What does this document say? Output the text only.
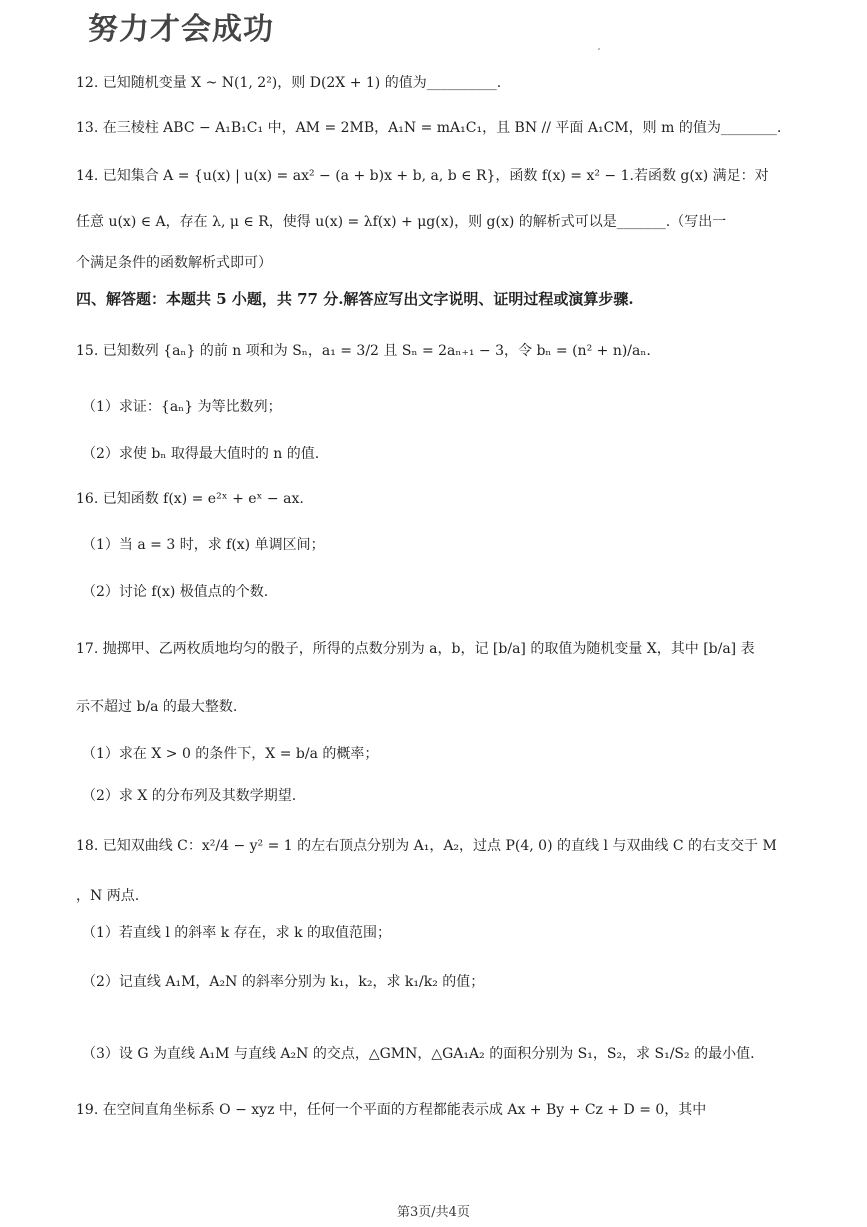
努力才会成功
12. 已知随机变量 X ~ N(1, 2²)，则 D(2X + 1) 的值为__________.
13. 在三棱柱 ABC − A₁B₁C₁ 中，AM = 2MB，A₁N = mA₁C₁，且 BN // 平面 A₁CM，则 m 的值为________.
14. 已知集合 A = {u(x) | u(x) = ax² − (a + b)x + b, a, b ∈ R}，函数 f(x) = x² − 1.若函数 g(x) 满足：对
任意 u(x) ∈ A，存在 λ, μ ∈ R，使得 u(x) = λf(x) + μg(x)，则 g(x) 的解析式可以是_______.（写出一
个满足条件的函数解析式即可）
四、解答题：本题共 5 小题，共 77 分.解答应写出文字说明、证明过程或演算步骤.
15. 已知数列 {aₙ} 的前 n 项和为 Sₙ，a₁ = 3/2 且 Sₙ = 2aₙ₊₁ − 3，令 bₙ = (n² + n)/aₙ.
（1）求证：{aₙ} 为等比数列；
（2）求使 bₙ 取得最大值时的 n 的值.
16. 已知函数 f(x) = e²ˣ + eˣ − ax.
（1）当 a = 3 时，求 f(x) 单调区间；
（2）讨论 f(x) 极值点的个数.
17. 抛掷甲、乙两枚质地均匀的骰子，所得的点数分别为 a，b，记 [b/a] 的取值为随机变量 X，其中 [b/a] 表
示不超过 b/a 的最大整数.
（1）求在 X > 0 的条件下，X = b/a 的概率；
（2）求 X 的分布列及其数学期望.
18. 已知双曲线 C：x²/4 − y² = 1 的左右顶点分别为 A₁，A₂，过点 P(4, 0) 的直线 l 与双曲线 C 的右支交于 M
，N 两点.
（1）若直线 l 的斜率 k 存在，求 k 的取值范围；
（2）记直线 A₁M，A₂N 的斜率分别为 k₁，k₂，求 k₁/k₂ 的值；
（3）设 G 为直线 A₁M 与直线 A₂N 的交点，△GMN，△GA₁A₂ 的面积分别为 S₁，S₂，求 S₁/S₂ 的最小值.
19. 在空间直角坐标系 O − xyz 中，任何一个平面的方程都能表示成 Ax + By + Cz + D = 0，其中
第3页/共4页
